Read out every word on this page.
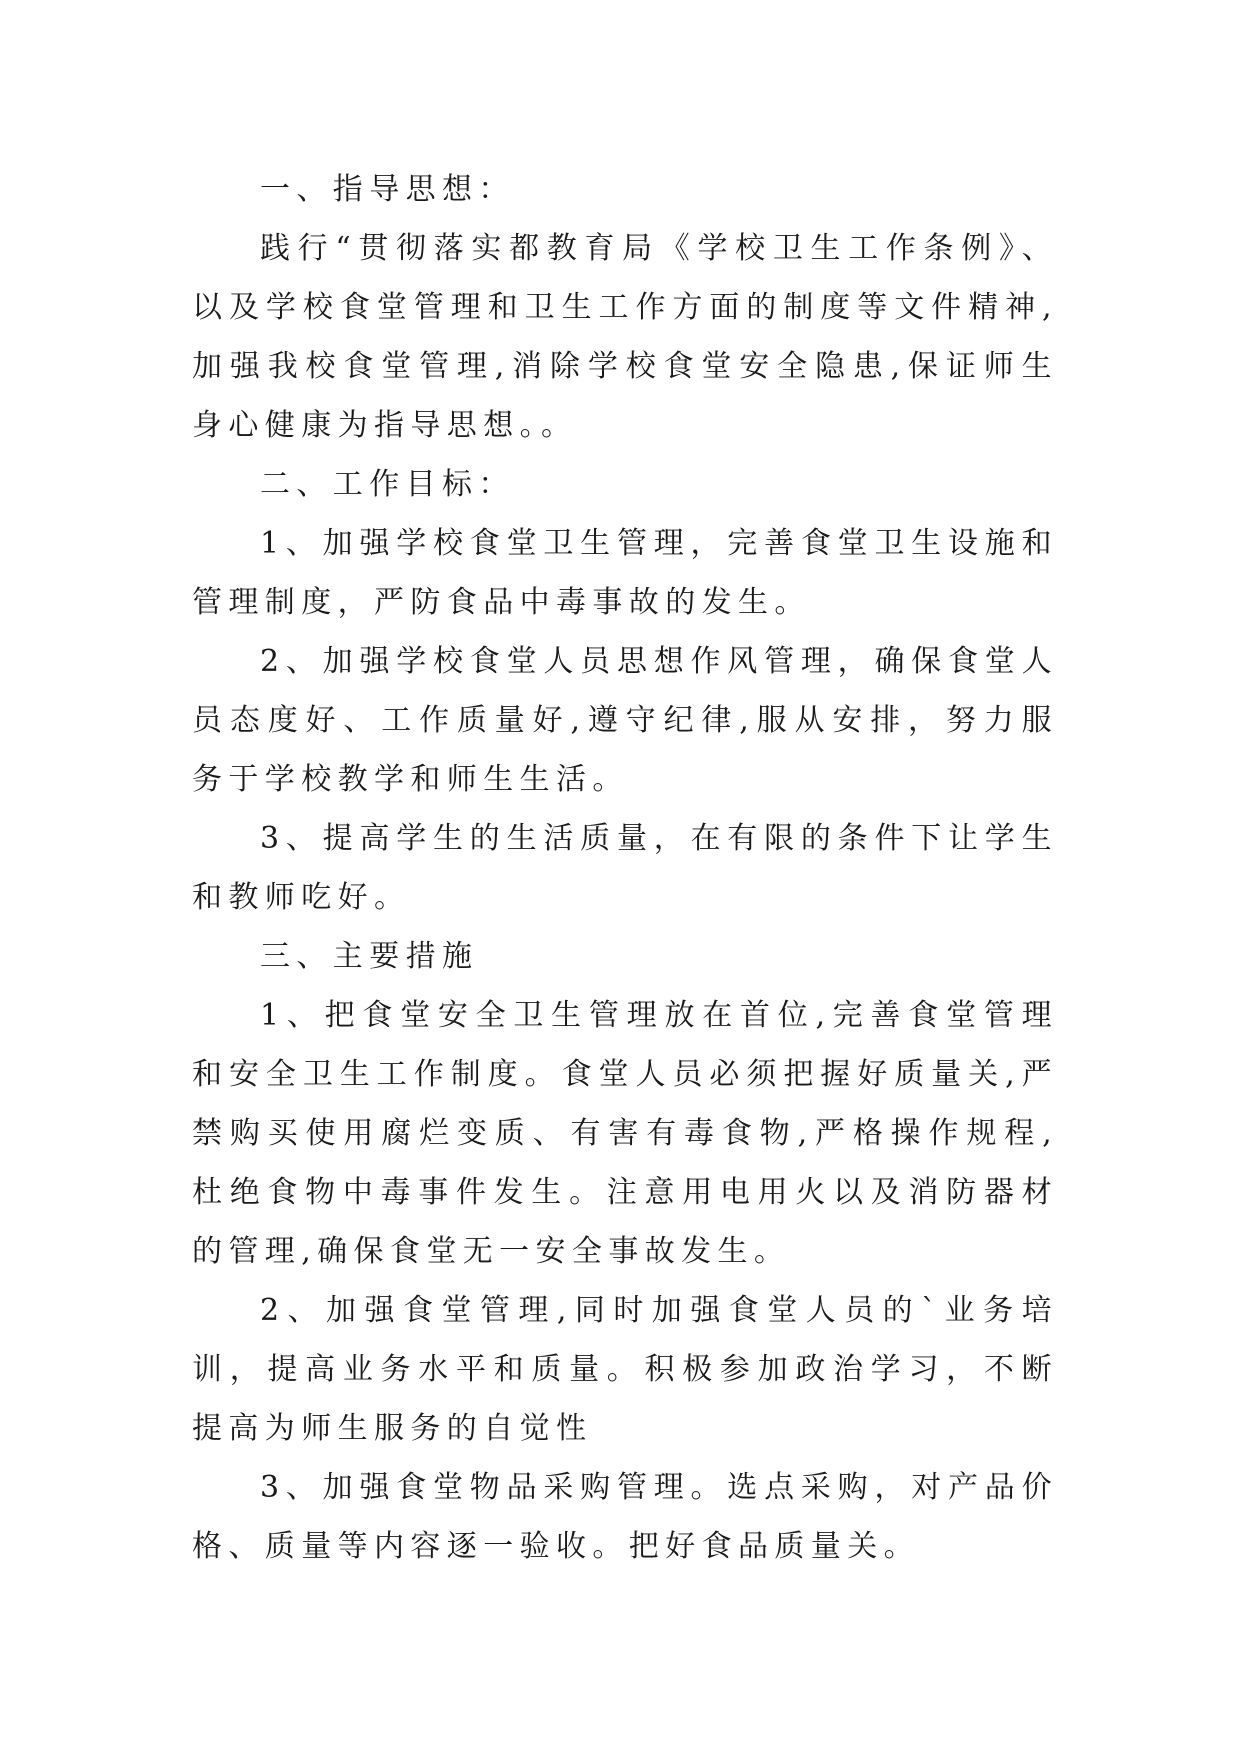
一、指导思想：

践行“贯彻落实都教育局《学校卫生工作条例》、以及学校食堂管理和卫生工作方面的制度等文件精神,加强我校食堂管理,消除学校食堂安全隐患,保证师生身心健康为指导思想。。

二、工作目标：

1、加强学校食堂卫生管理，完善食堂卫生设施和管理制度，严防食品中毒事故的发生。

2、加强学校食堂人员思想作风管理，确保食堂人员态度好、工作质量好,遵守纪律,服从安排，努力服务于学校教学和师生生活。

3、提高学生的生活质量，在有限的条件下让学生和教师吃好。

三、主要措施

1、把食堂安全卫生管理放在首位,完善食堂管理和安全卫生工作制度。食堂人员必须把握好质量关,严禁购买使用腐烂变质、有害有毒食物,严格操作规程,杜绝食物中毒事件发生。注意用电用火以及消防器材的管理,确保食堂无一安全事故发生。

2、加强食堂管理,同时加强食堂人员的`业务培训，提高业务水平和质量。积极参加政治学习，不断提高为师生服务的自觉性

3、加强食堂物品采购管理。选点采购，对产品价格、质量等内容逐一验收。把好食品质量关。
